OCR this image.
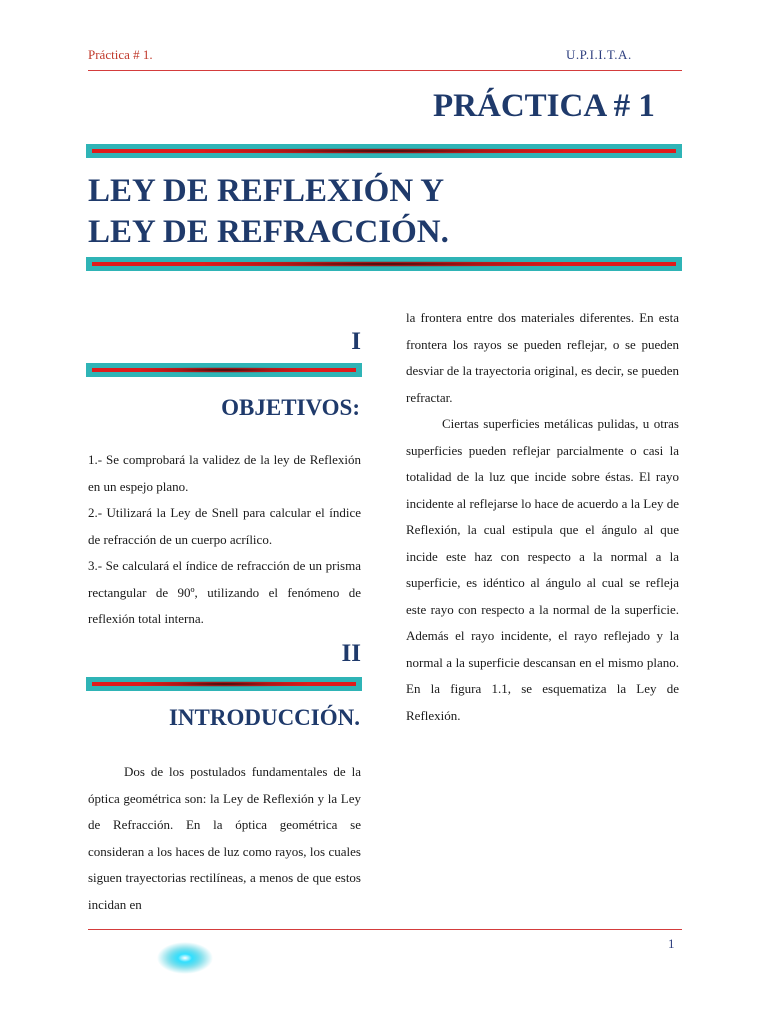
Práctica # 1.	U.P.I.I.T.A.
PRÁCTICA # 1
LEY DE REFLEXIÓN Y
LEY DE REFRACCIÓN.
I
OBJETIVOS:

1.- Se comprobará la validez de la ley de Reflexión en un espejo plano.

2.- Utilizará la Ley de Snell para calcular el índice de refracción de un cuerpo acrílico.

3.- Se calculará el índice de refracción de un prisma rectangular de 90º, utilizando el fenómeno de reflexión total interna.

II
INTRODUCCIÓN.

Dos de los postulados fundamentales de la óptica geométrica son: la Ley de Reflexión y la Ley de Refracción. En la óptica geométrica se consideran a los haces de luz como rayos, los cuales siguen trayectorias rectilíneas, a menos de que estos incidan en

la frontera entre dos materiales diferentes. En esta frontera los rayos se pueden reflejar, o se pueden desviar de la trayectoria original, es decir, se pueden refractar.

Ciertas superficies metálicas pulidas, u otras superficies pueden reflejar parcialmente o casi la totalidad de la luz que incide sobre éstas. El rayo incidente al reflejarse lo hace de acuerdo a la Ley de Reflexión, la cual estipula que el ángulo al que incide este haz con respecto a la normal a la superficie, es idéntico al ángulo al cual se refleja este rayo con respecto a la normal de la superficie. Además el rayo incidente, el rayo reflejado y la normal a la superficie descansan en el mismo plano. En la figura 1.1, se esquematiza la Ley de Reflexión.

1
